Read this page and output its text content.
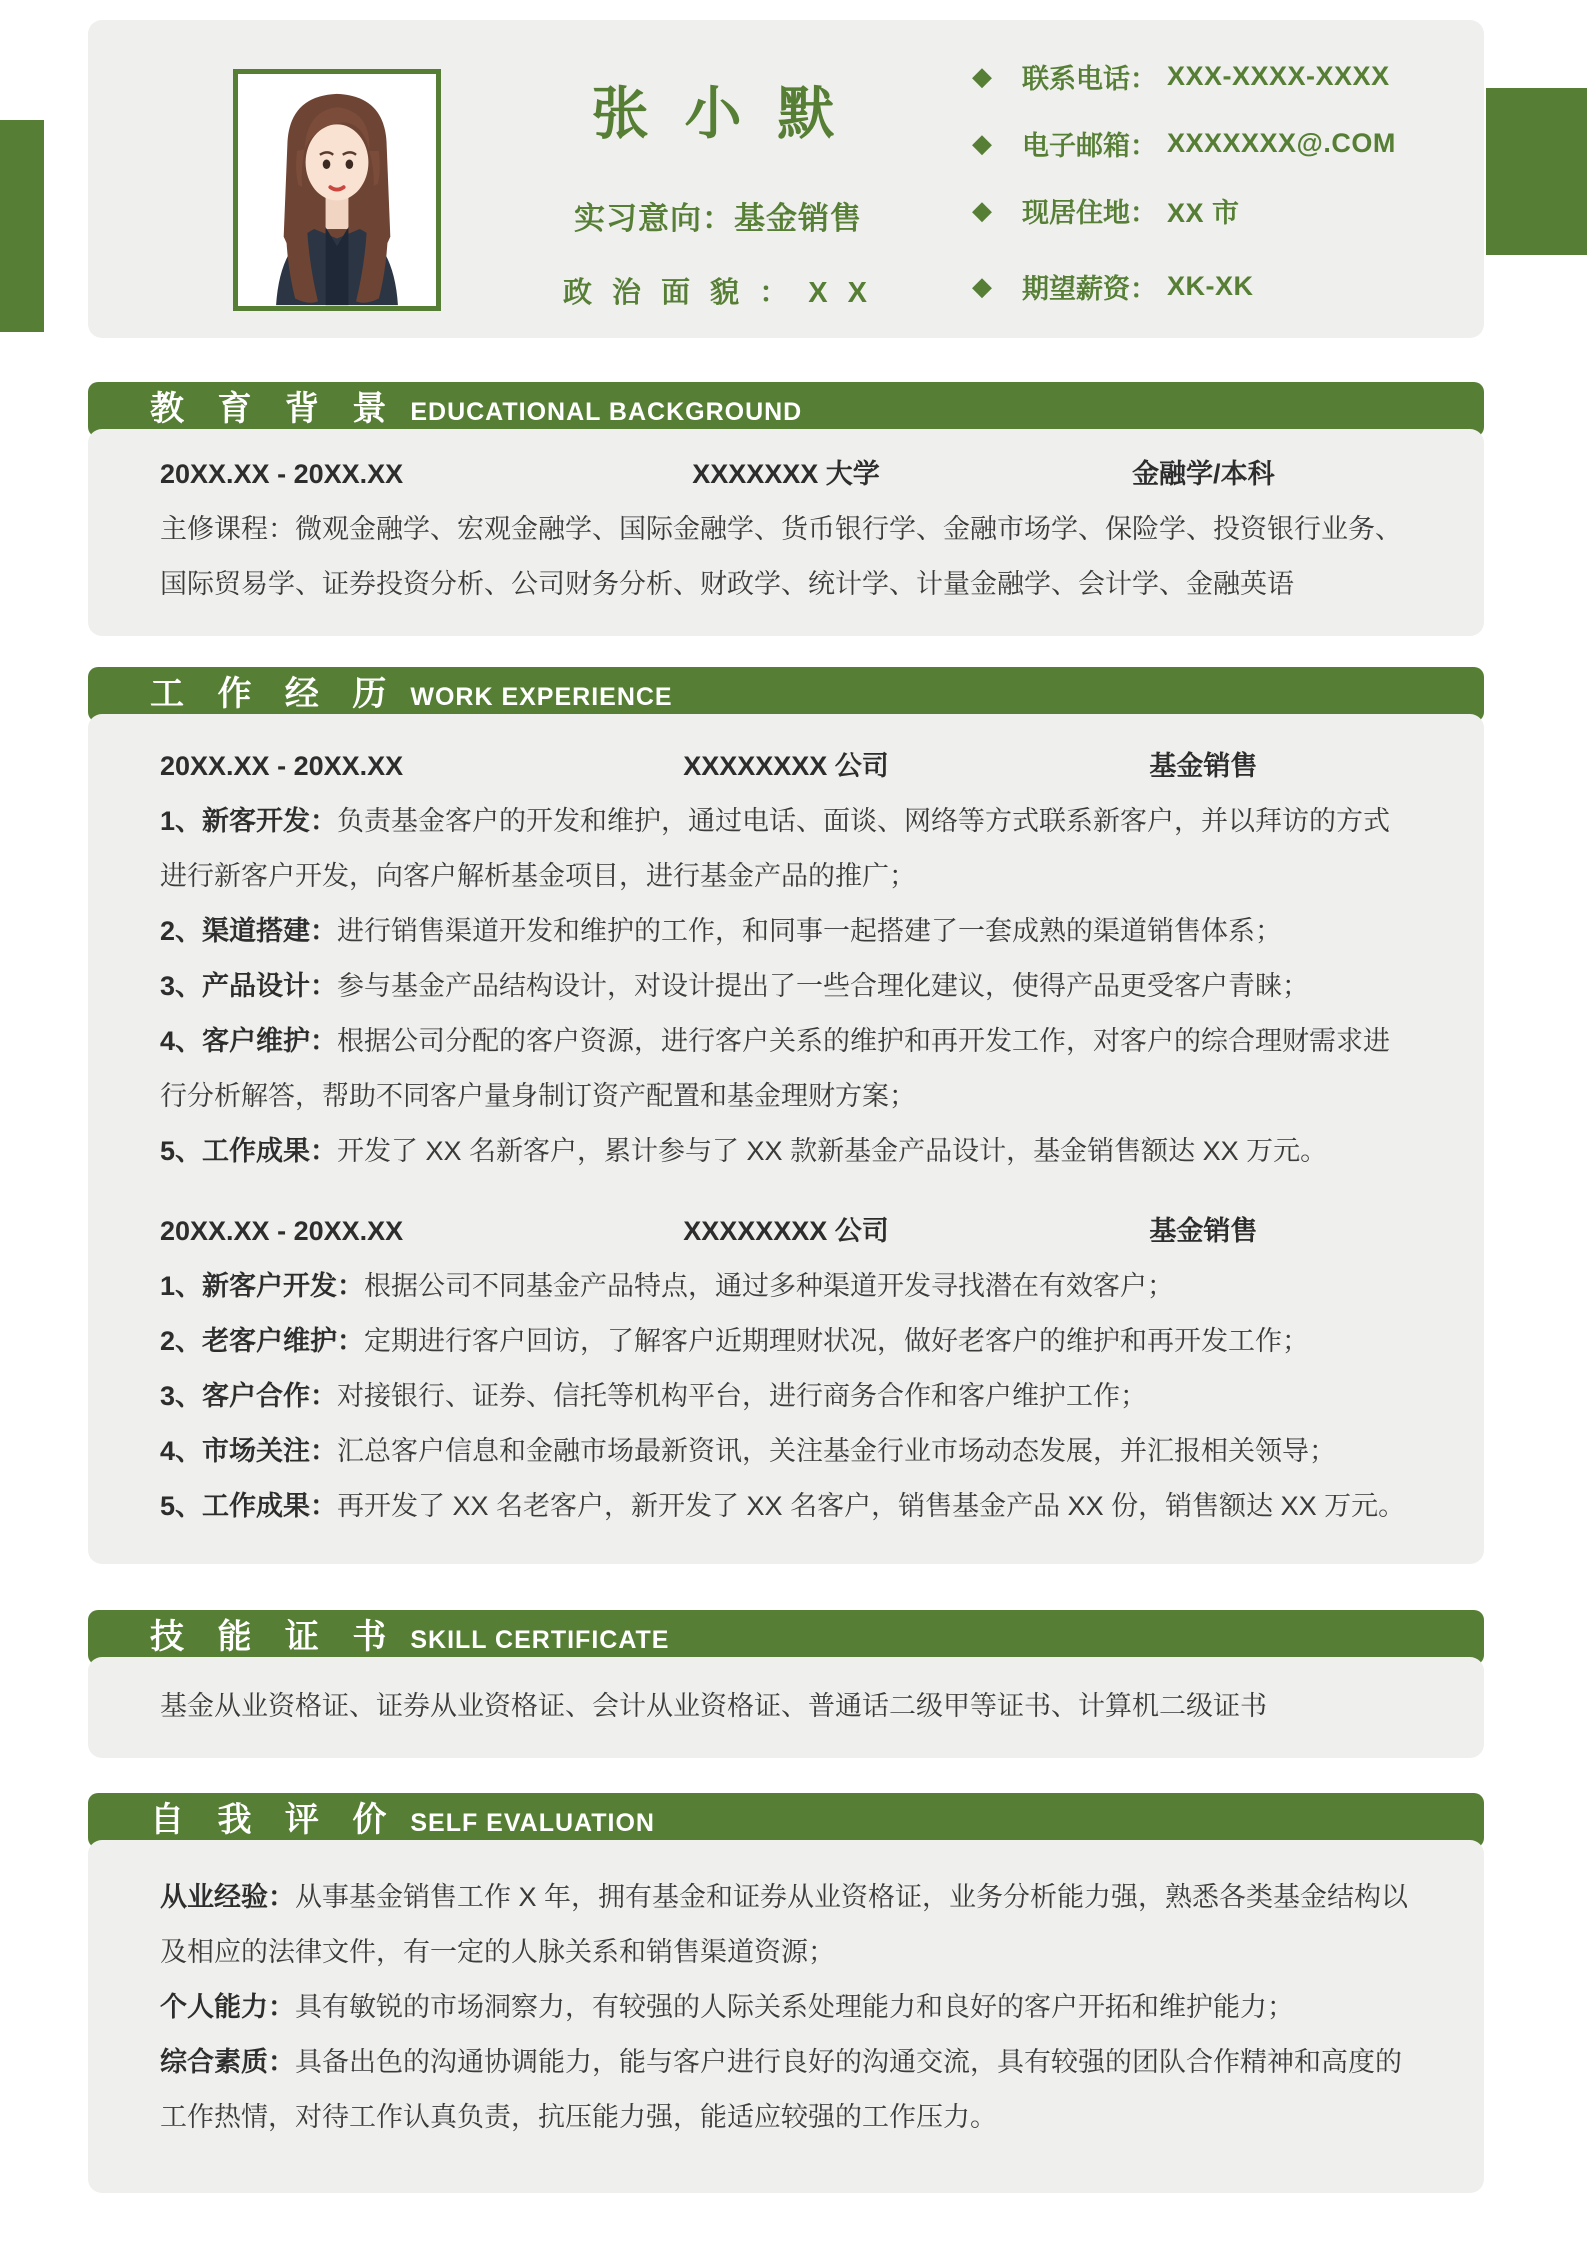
张 小 默
实习意向：基金销售
政 治 面 貌 ： X X
◆	联系电话： XXX-XXXX-XXXX
◆	电子邮箱： XXXXXXX@.COM
◆	现居住地： XX 市
◆	期望薪资： XK-XK
教 育 背 景 EDUCATIONAL BACKGROUND
20XX.XX - 20XX.XX	XXXXXXX 大学	金融学/本科

主修课程：微观金融学、宏观金融学、国际金融学、货币银行学、金融市场学、保险学、投资银行业务、国际贸易学、证券投资分析、公司财务分析、财政学、统计学、计量金融学、会计学、金融英语

工 作 经 历 WORK EXPERIENCE
20XX.XX - 20XX.XX	XXXXXXXX 公司	基金销售

1、新客开发：负责基金客户的开发和维护，通过电话、面谈、网络等方式联系新客户，并以拜访的方式进行新客户开发，向客户解析基金项目，进行基金产品的推广；

2、渠道搭建：进行销售渠道开发和维护的工作，和同事一起搭建了一套成熟的渠道销售体系；

3、产品设计：参与基金产品结构设计，对设计提出了一些合理化建议，使得产品更受客户青睐；

4、客户维护：根据公司分配的客户资源，进行客户关系的维护和再开发工作，对客户的综合理财需求进行分析解答，帮助不同客户量身制订资产配置和基金理财方案；

5、工作成果：开发了 XX 名新客户，累计参与了 XX 款新基金产品设计，基金销售额达 XX 万元。

20XX.XX - 20XX.XX	XXXXXXXX 公司	基金销售

1、新客户开发：根据公司不同基金产品特点，通过多种渠道开发寻找潜在有效客户；

2、老客户维护：定期进行客户回访，了解客户近期理财状况，做好老客户的维护和再开发工作；

3、客户合作：对接银行、证券、信托等机构平台，进行商务合作和客户维护工作；

4、市场关注：汇总客户信息和金融市场最新资讯，关注基金行业市场动态发展，并汇报相关领导；

5、工作成果：再开发了 XX 名老客户，新开发了 XX 名客户，销售基金产品 XX 份，销售额达 XX 万元。

技 能 证 书 SKILL CERTIFICATE

基金从业资格证、证券从业资格证、会计从业资格证、普通话二级甲等证书、计算机二级证书

自 我 评 价 SELF EVALUATION

从业经验：从事基金销售工作 X 年，拥有基金和证券从业资格证，业务分析能力强，熟悉各类基金结构以及相应的法律文件，有一定的人脉关系和销售渠道资源；

个人能力：具有敏锐的市场洞察力，有较强的人际关系处理能力和良好的客户开拓和维护能力；

综合素质：具备出色的沟通协调能力，能与客户进行良好的沟通交流，具有较强的团队合作精神和高度的工作热情，对待工作认真负责，抗压能力强，能适应较强的工作压力。
